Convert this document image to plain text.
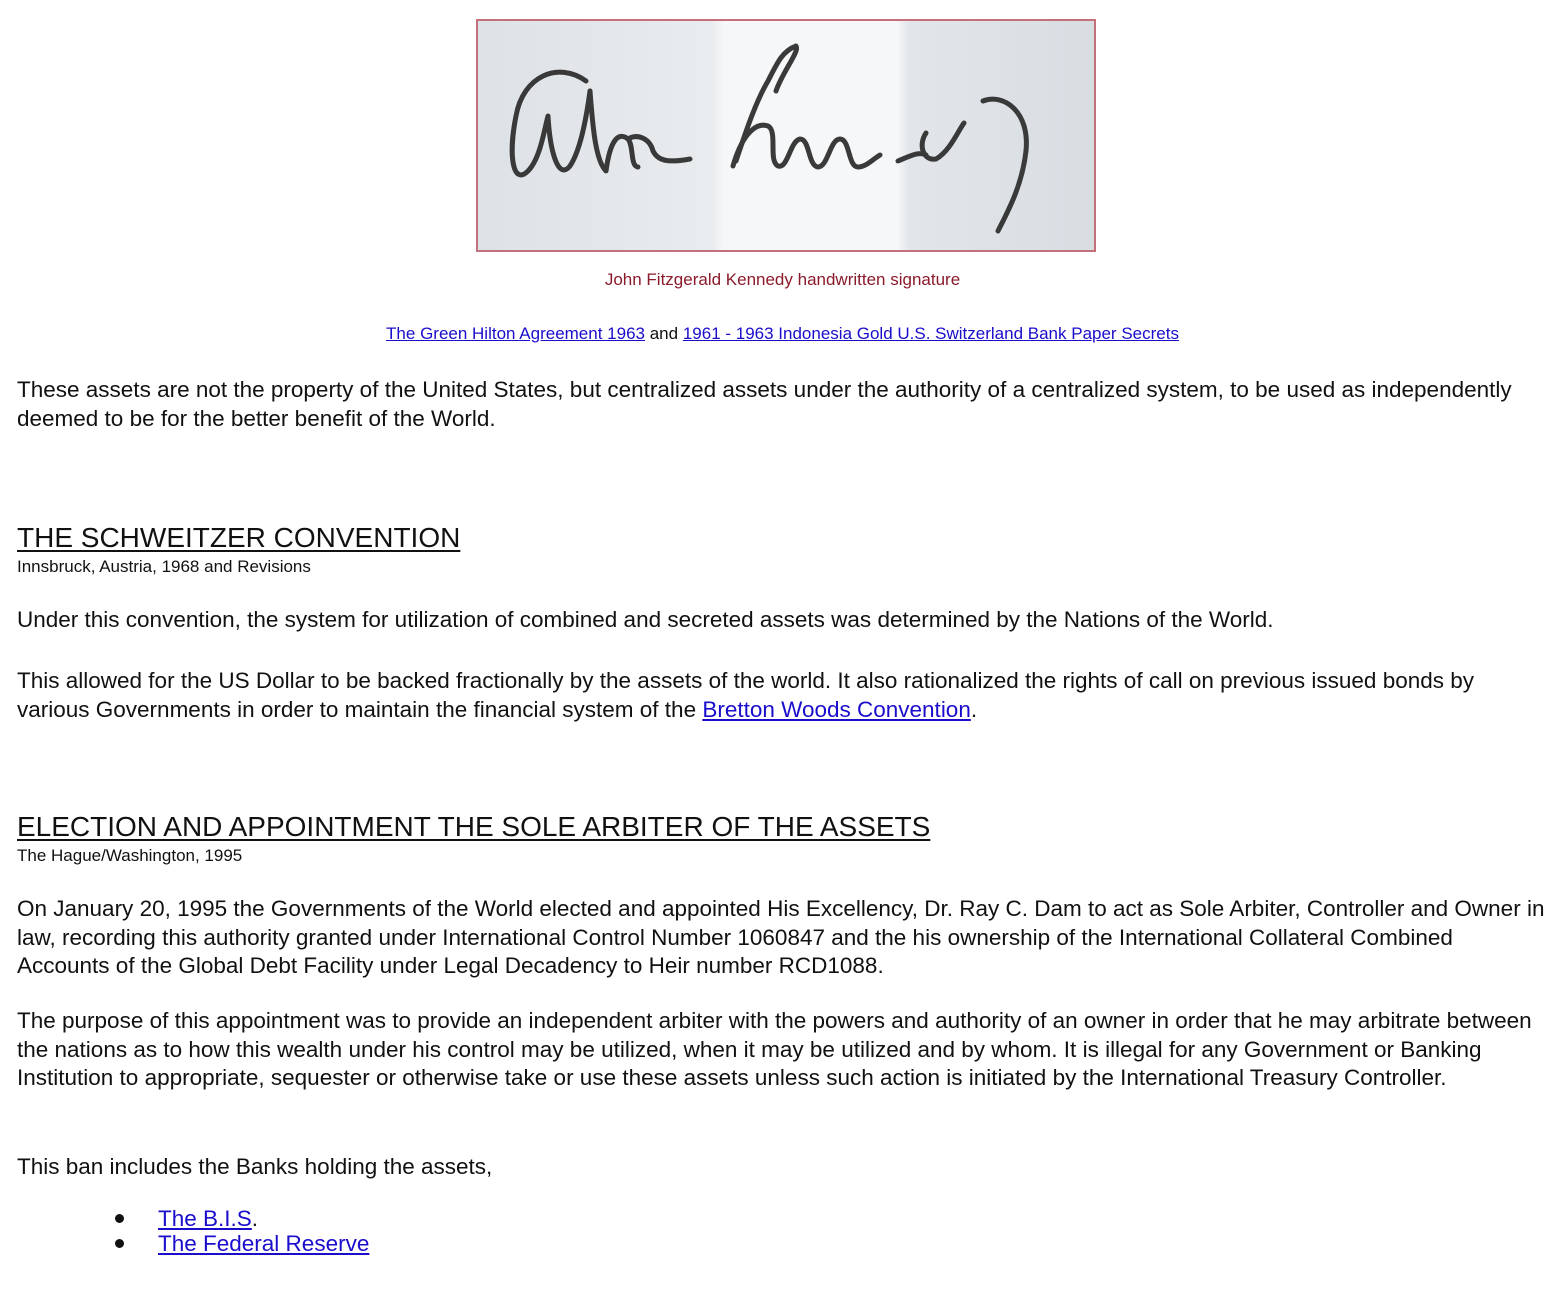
John Fitzgerald Kennedy handwritten signature
The Green Hilton Agreement 1963 and 1961 - 1963 Indonesia Gold U.S. Switzerland Bank Paper Secrets

These assets are not the property of the United States, but centralized assets under the authority of a centralized system, to be used as independently deemed to be for the better benefit of the World.

THE SCHWEITZER CONVENTION
Innsbruck, Austria, 1968 and Revisions

Under this convention, the system for utilization of combined and secreted assets was determined by the Nations of the World.

This allowed for the US Dollar to be backed fractionally by the assets of the world. It also rationalized the rights of call on previous issued bonds by various Governments in order to maintain the financial system of the Bretton Woods Convention.

ELECTION AND APPOINTMENT THE SOLE ARBITER OF THE ASSETS
The Hague/Washington, 1995

On January 20, 1995 the Governments of the World elected and appointed His Excellency, Dr. Ray C. Dam to act as Sole Arbiter, Controller and Owner in law, recording this authority granted under International Control Number 1060847 and the his ownership of the International Collateral Combined Accounts of the Global Debt Facility under Legal Decadency to Heir number RCD1088.

The purpose of this appointment was to provide an independent arbiter with the powers and authority of an owner in order that he may arbitrate between the nations as to how this wealth under his control may be utilized, when it may be utilized and by whom. It is illegal for any Government or Banking Institution to appropriate, sequester or otherwise take or use these assets unless such action is initiated by the International Treasury Controller.

This ban includes the Banks holding the assets,

The B.I.S.
The Federal Reserve
